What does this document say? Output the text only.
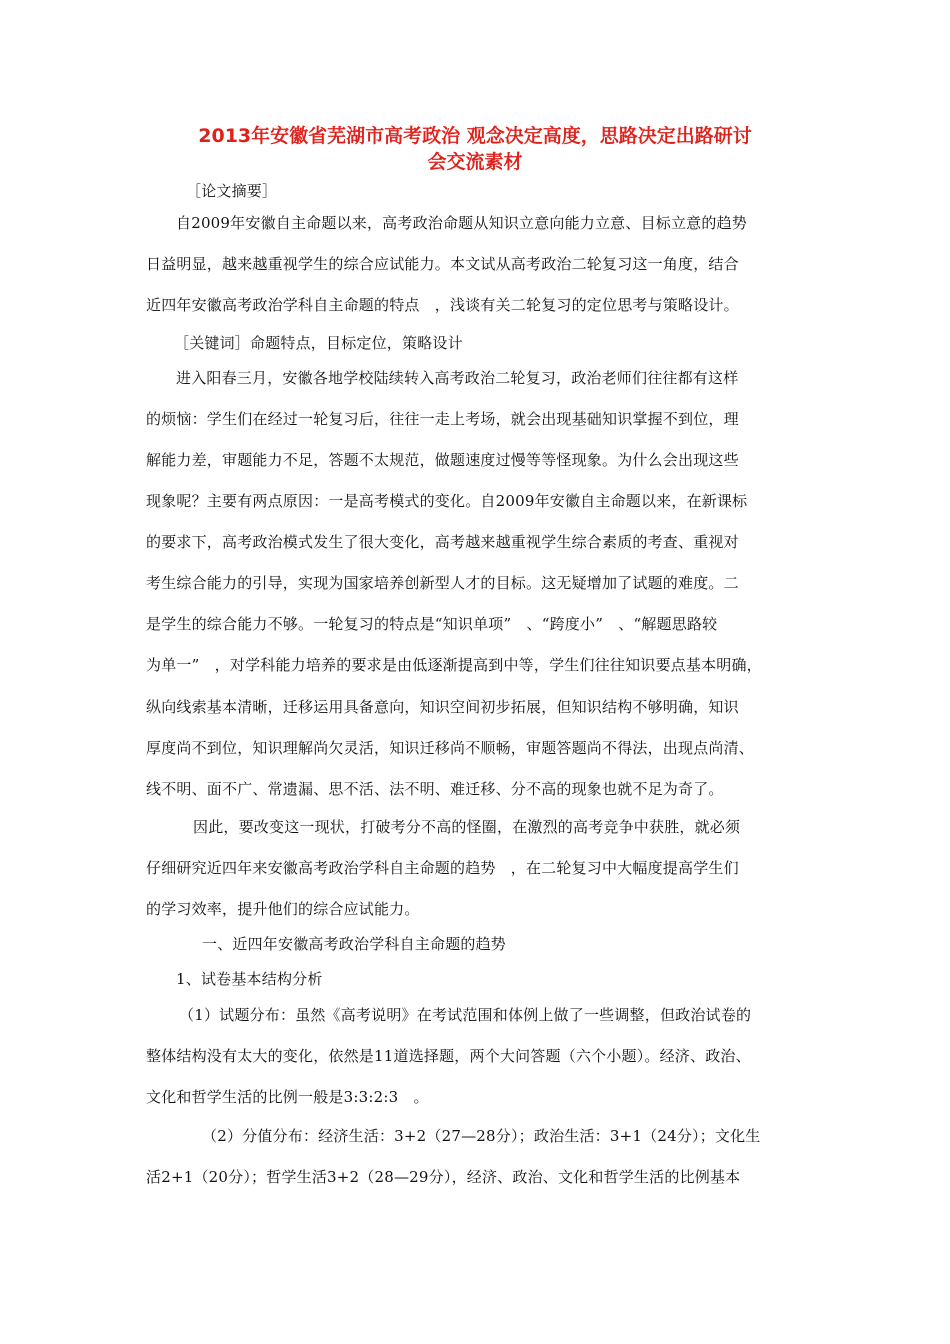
2013年安徽省芜湖市高考政治 观念决定高度，思路决定出路研讨
会交流素材
［论文摘要］
自2009年安徽自主命题以来，高考政治命题从知识立意向能力立意、目标立意的趋势
日益明显，越来越重视学生的综合应试能力。本文试从高考政治二轮复习这一角度，结合
近四年安徽高考政治学科自主命题的特点　，浅谈有关二轮复习的定位思考与策略设计。
［关键词］命题特点，目标定位，策略设计
进入阳春三月，安徽各地学校陆续转入高考政治二轮复习，政治老师们往往都有这样
的烦恼：学生们在经过一轮复习后，往往一走上考场，就会出现基础知识掌握不到位，理
解能力差，审题能力不足，答题不太规范，做题速度过慢等等怪现象。为什么会出现这些
现象呢？主要有两点原因：一是高考模式的变化。自2009年安徽自主命题以来，在新课标
的要求下，高考政治模式发生了很大变化，高考越来越重视学生综合素质的考查、重视对
考生综合能力的引导，实现为国家培养创新型人才的目标。这无疑增加了试题的难度。二
是学生的综合能力不够。一轮复习的特点是“知识单项”　、“跨度小”　、“解题思路较
为单一”　，对学科能力培养的要求是由低逐渐提高到中等，学生们往往知识要点基本明确，
纵向线索基本清晰，迁移运用具备意向，知识空间初步拓展，但知识结构不够明确，知识
厚度尚不到位，知识理解尚欠灵活，知识迁移尚不顺畅，审题答题尚不得法，出现点尚清、
线不明、面不广、常遗漏、思不活、法不明、难迁移、分不高的现象也就不足为奇了。
因此，要改变这一现状，打破考分不高的怪圈，在激烈的高考竞争中获胜，就必须
仔细研究近四年来安徽高考政治学科自主命题的趋势　，在二轮复习中大幅度提高学生们
的学习效率，提升他们的综合应试能力。
一、近四年安徽高考政治学科自主命题的趋势
1、试卷基本结构分析
（1）试题分布：虽然《高考说明》在考试范围和体例上做了一些调整，但政治试卷的
整体结构没有太大的变化，依然是11道选择题，两个大问答题（六个小题）。经济、政治、
文化和哲学生活的比例一般是3:3:2:3　。
（2）分值分布：经济生活：3+2（27—28分）；政治生活：3+1（24分）；文化生
活2+1（20分）；哲学生活3+2（28—29分），经济、政治、文化和哲学生活的比例基本
